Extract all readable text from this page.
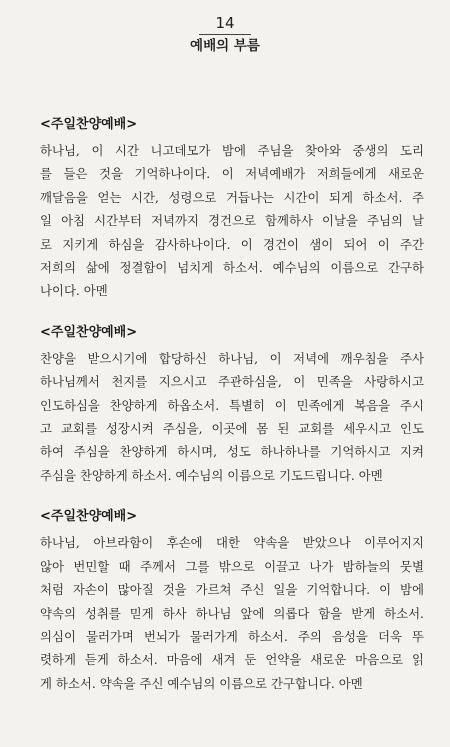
14
예배의 부름
<주일찬양예배>

하나님, 이 시간 니고데모가 밤에 주님을 찾아와 중생의 도리
를 들은 것을 기억하나이다. 이 저녁예배가 저희들에게 새로운
깨달음을 얻는 시간, 성령으로 거듭나는 시간이 되게 하소서. 주
일 아침 시간부터 저녁까지 경건으로 함께하사 이날을 주님의 날
로 지키게 하심을 감사하나이다. 이 경건이 샘이 되어 이 주간
저희의 삶에 정결함이 넘치게 하소서. 예수님의 이름으로 간구하
나이다. 아멘

<주일찬양예배>

찬양을 받으시기에 합당하신 하나님, 이 저녁에 깨우침을 주사
하나님께서 천지를 지으시고 주관하심을, 이 민족을 사랑하시고
인도하심을 찬양하게 하옵소서. 특별히 이 민족에게 복음을 주시
고 교회를 성장시켜 주심을, 이곳에 몸 된 교회를 세우시고 인도
하여 주심을 찬양하게 하시며, 성도 하나하나를 기억하시고 지켜
주심을 찬양하게 하소서. 예수님의 이름으로 기도드립니다. 아멘

<주일찬양예배>

하나님, 아브라함이 후손에 대한 약속을 받았으나 이루어지지
않아 번민할 때 주께서 그를 밖으로 이끌고 나가 밤하늘의 뭇별
처럼 자손이 많아질 것을 가르쳐 주신 일을 기억합니다. 이 밤에
약속의 성취를 믿게 하사 하나님 앞에 의롭다 함을 받게 하소서.
의심이 물러가며 번뇌가 물러가게 하소서. 주의 음성을 더욱 뚜
렷하게 듣게 하소서. 마음에 새겨 둔 언약을 새로운 마음으로 읽
게 하소서. 약속을 주신 예수님의 이름으로 간구합니다. 아멘
